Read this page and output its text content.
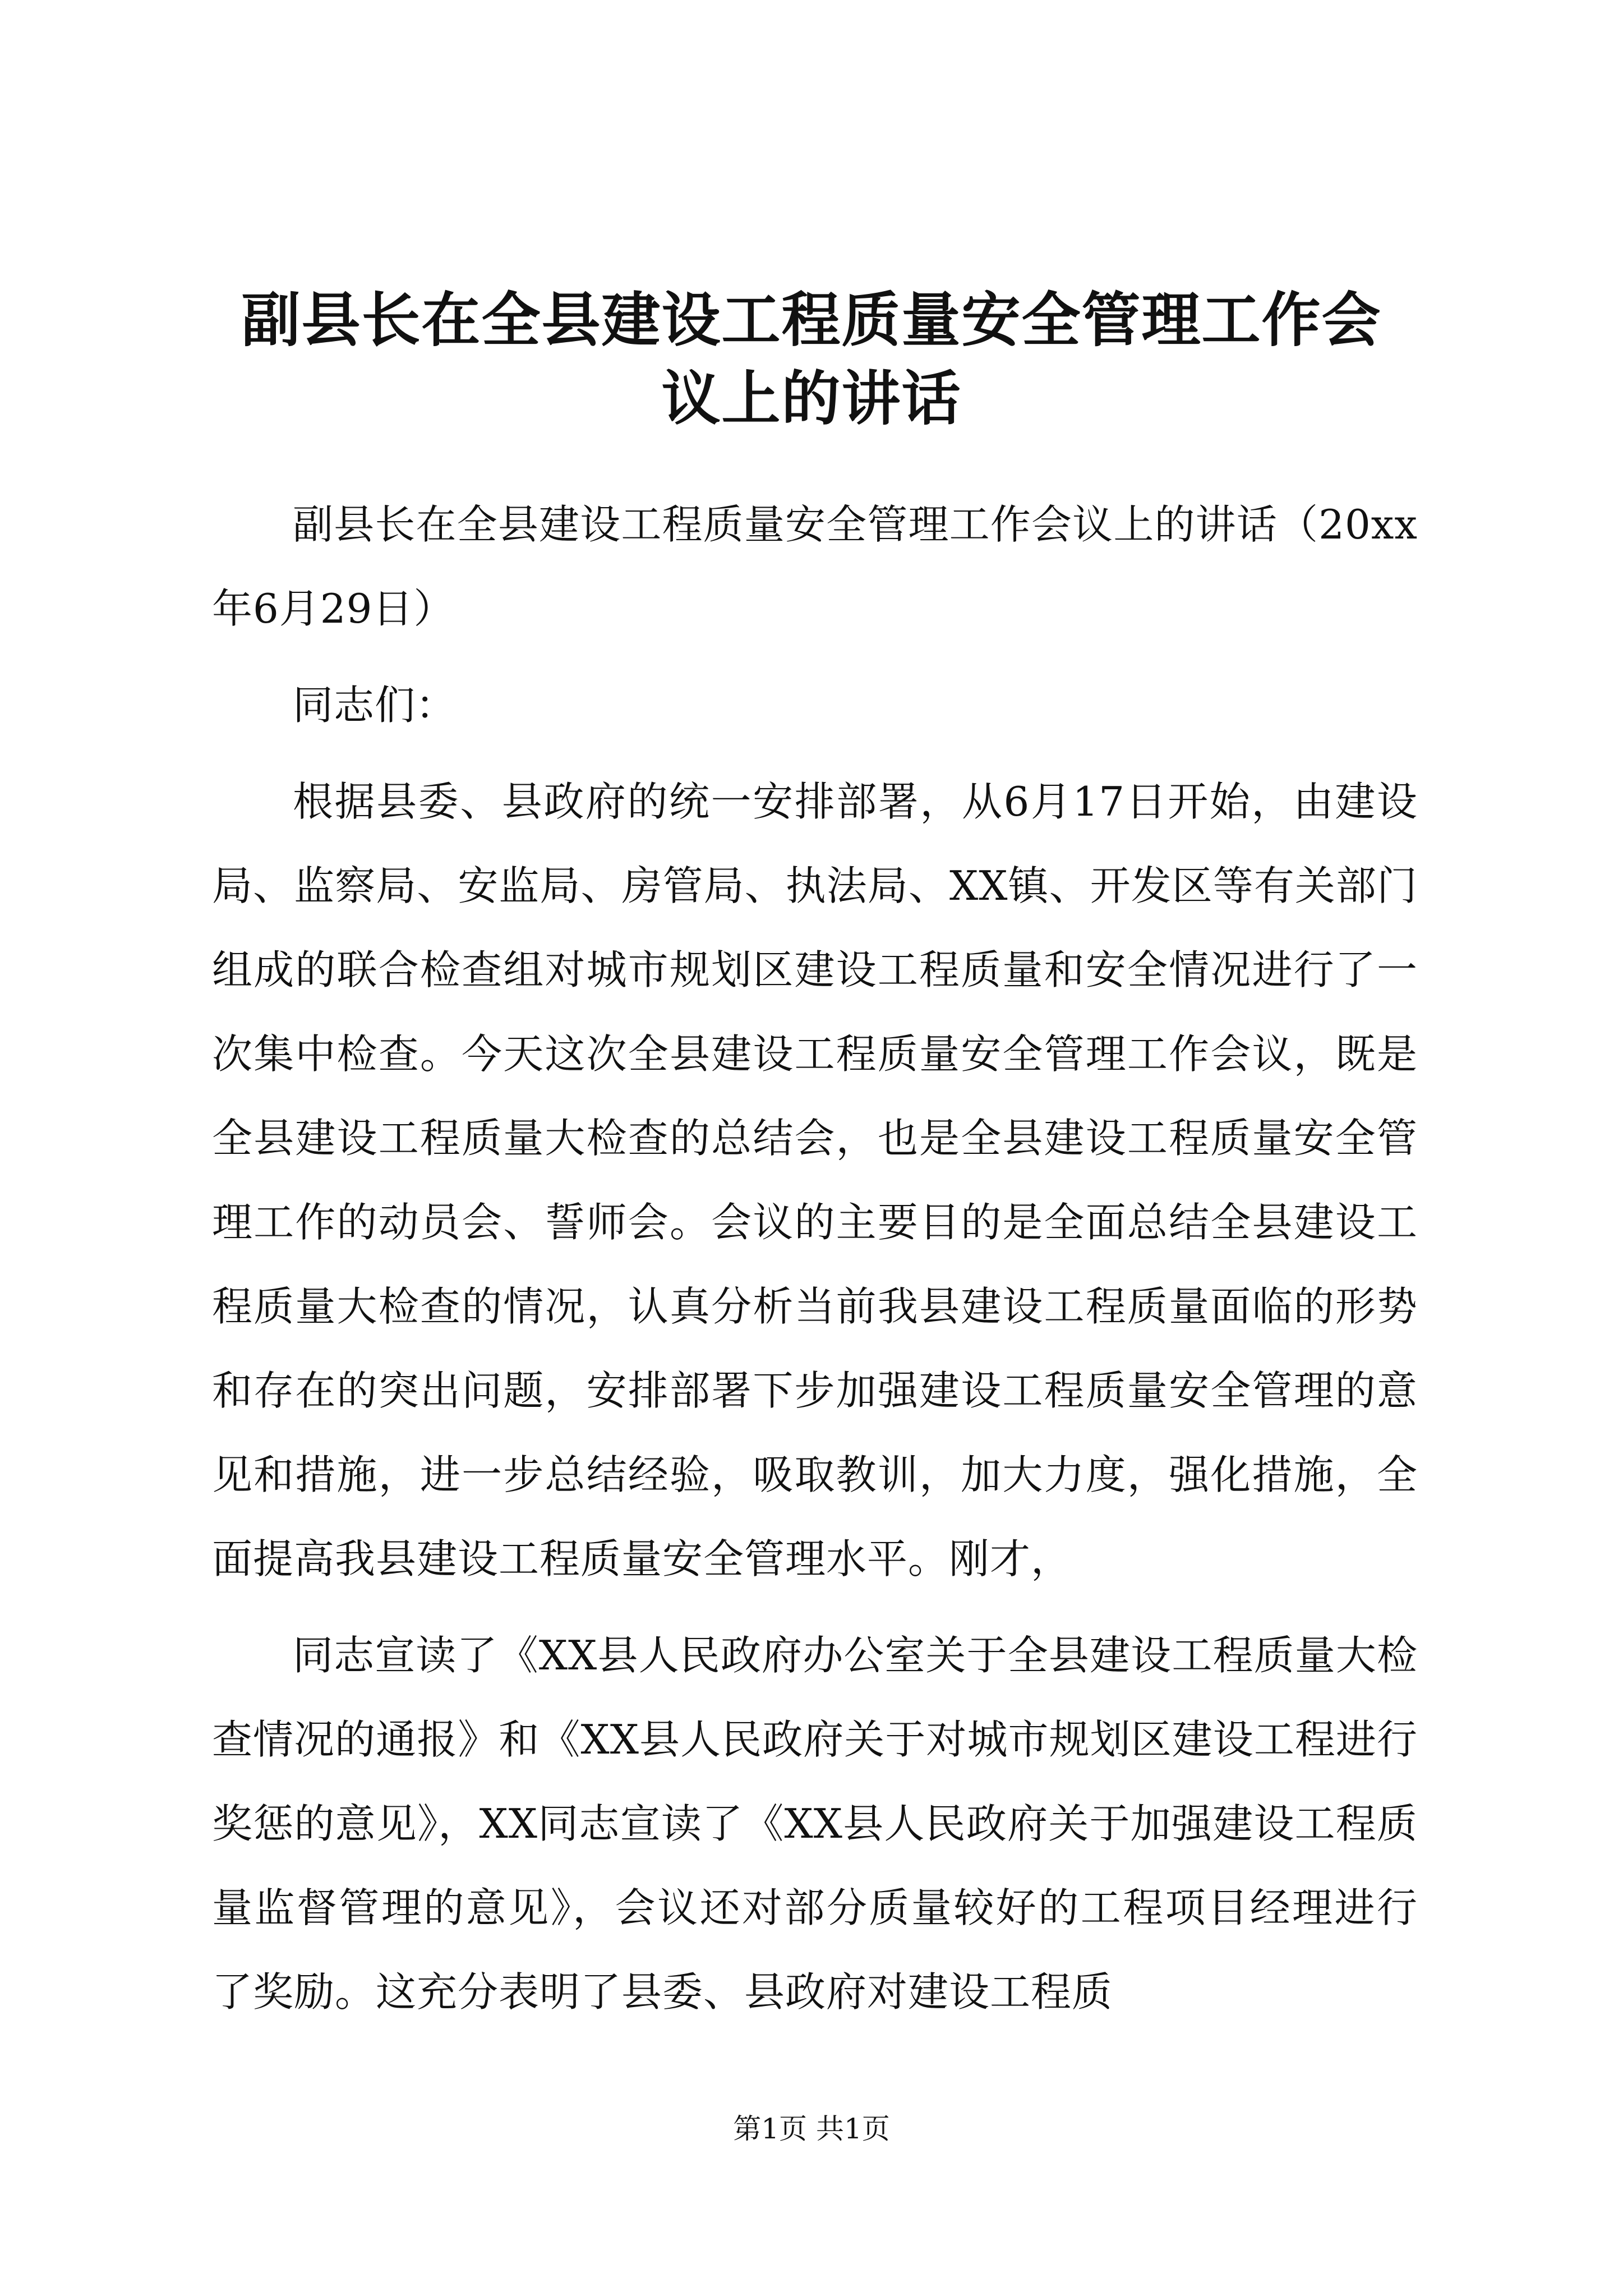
副县长在全县建设工程质量安全管理工作会议上的讲话

副县长在全县建设工程质量安全管理工作会议上的讲话（20xx年6月29日）

同志们：

根据县委、县政府的统一安排部署，从6月17日开始，由建设局、监察局、安监局、房管局、执法局、XX镇、开发区等有关部门组成的联合检查组对城市规划区建设工程质量和安全情况进行了一次集中检查。今天这次全县建设工程质量安全管理工作会议，既是全县建设工程质量大检查的总结会，也是全县建设工程质量安全管理工作的动员会、誓师会。会议的主要目的是全面总结全县建设工程质量大检查的情况，认真分析当前我县建设工程质量面临的形势和存在的突出问题，安排部署下步加强建设工程质量安全管理的意见和措施，进一步总结经验，吸取教训，加大力度，强化措施，全面提高我县建设工程质量安全管理水平。刚才，

同志宣读了《XX县人民政府办公室关于全县建设工程质量大检查情况的通报》和《XX县人民政府关于对城市规划区建设工程进行奖惩的意见》，XX同志宣读了《XX县人民政府关于加强建设工程质量监督管理的意见》，会议还对部分质量较好的工程项目经理进行了奖励。这充分表明了县委、县政府对建设工程质

第1页 共1页
